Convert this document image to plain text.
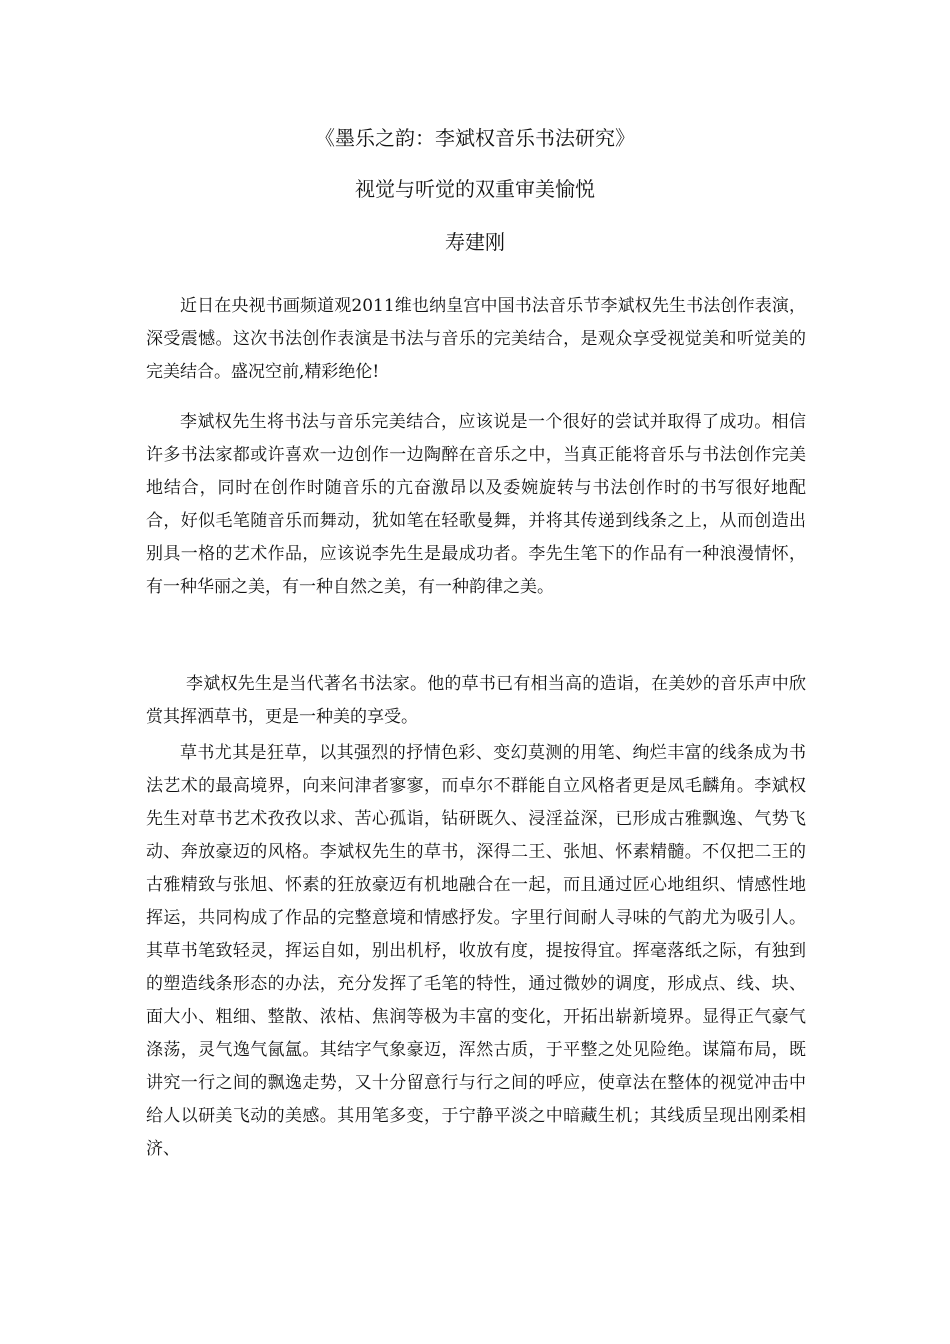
《墨乐之韵：李斌权音乐书法研究》
视觉与听觉的双重审美愉悦
寿建刚

近日在央视书画频道观2011维也纳皇宫中国书法音乐节李斌权先生书法创作表演，深受震憾。这次书法创作表演是书法与音乐的完美结合，是观众享受视觉美和听觉美的完美结合。盛况空前,精彩绝伦!

李斌权先生将书法与音乐完美结合，应该说是一个很好的尝试并取得了成功。相信许多书法家都或许喜欢一边创作一边陶醉在音乐之中，当真正能将音乐与书法创作完美地结合，同时在创作时随音乐的亢奋激昂以及委婉旋转与书法创作时的书写很好地配合，好似毛笔随音乐而舞动，犹如笔在轻歌曼舞，并将其传递到线条之上，从而创造出别具一格的艺术作品，应该说李先生是最成功者。李先生笔下的作品有一种浪漫情怀，有一种华丽之美，有一种自然之美，有一种韵律之美。

李斌权先生是当代著名书法家。他的草书已有相当高的造诣，在美妙的音乐声中欣赏其挥洒草书，更是一种美的享受。

草书尤其是狂草，以其强烈的抒情色彩、变幻莫测的用笔、绚烂丰富的线条成为书法艺术的最高境界，向来问津者寥寥，而卓尔不群能自立风格者更是凤毛麟角。李斌权先生对草书艺术孜孜以求、苦心孤诣，钻研既久、浸淫益深，已形成古雅飘逸、气势飞动、奔放豪迈的风格。李斌权先生的草书，深得二王、张旭、怀素精髓。不仅把二王的古雅精致与张旭、怀素的狂放豪迈有机地融合在一起，而且通过匠心地组织、情感性地挥运，共同构成了作品的完整意境和情感抒发。字里行间耐人寻味的气韵尤为吸引人。其草书笔致轻灵，挥运自如，别出机杼，收放有度，提按得宜。挥毫落纸之际，有独到的塑造线条形态的办法，充分发挥了毛笔的特性，通过微妙的调度，形成点、线、块、面大小、粗细、整散、浓枯、焦润等极为丰富的变化，开拓出崭新境界。显得正气豪气涤荡，灵气逸气氤氲。其结字气象豪迈，浑然古质，于平整之处见险绝。谋篇布局，既讲究一行之间的飘逸走势，又十分留意行与行之间的呼应，使章法在整体的视觉冲击中给人以研美飞动的美感。其用笔多变，于宁静平淡之中暗藏生机；其线质呈现出刚柔相济、
